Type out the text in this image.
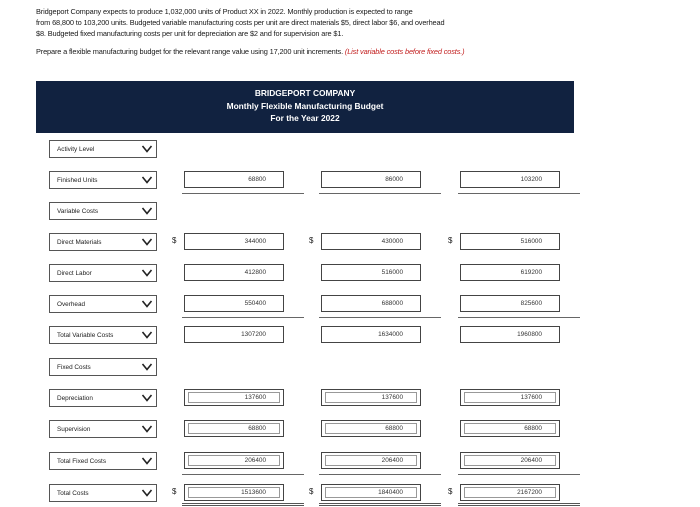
Bridgeport Company expects to produce 1,032,000 units of Product XX in 2022. Monthly production is expected to range

from 68,800 to 103,200 units. Budgeted variable manufacturing costs per unit are direct materials $5, direct labor $6, and overhead

$8. Budgeted fixed manufacturing costs per unit for depreciation are $2 and for supervision are $1.

Prepare a flexible manufacturing budget for the relevant range value using 17,200 unit increments. (List variable costs before fixed costs.)

BRIDGEPORT COMPANY
Monthly Flexible Manufacturing Budget
For the Year 2022
Activity Level
Finished Units	68800	86000	103200
Variable Costs
Direct Materials	$	344000	$	430000	$	516000
Direct Labor	412800	516000	619200
Overhead	550400	688000	825600
Total Variable Costs	1307200	1634000	1960800
Fixed Costs
Depreciation	137600	137600	137600
Supervision	68800	68800	68800
Total Fixed Costs	206400	206400	206400
Total Costs	$	1513600	$	1840400	$	2167200
